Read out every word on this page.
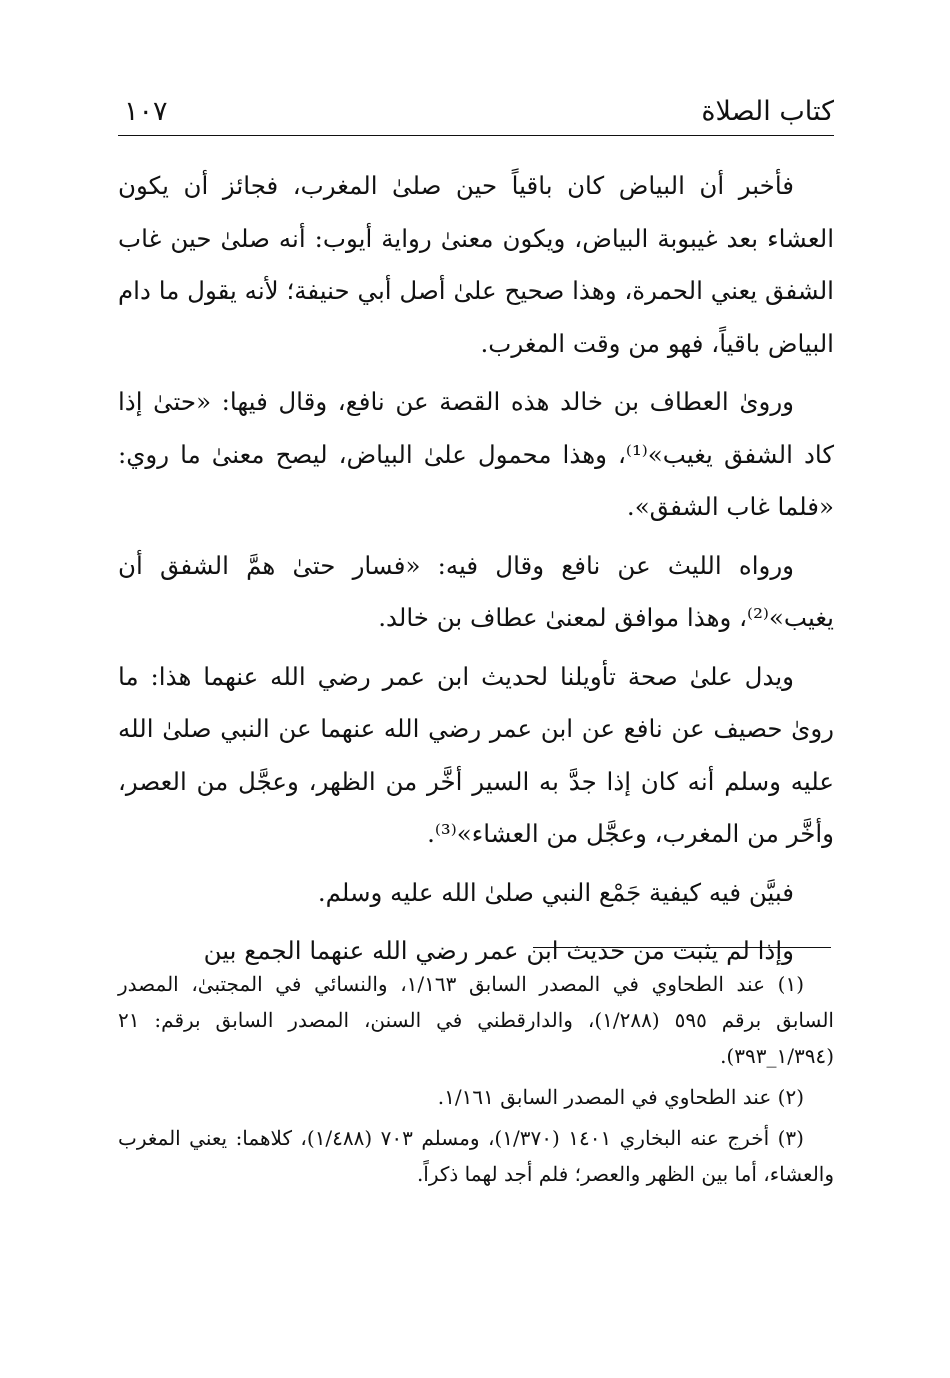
كتاب الصلاة
١٠٧

فأخبر أن البياض كان باقياً حين صلىٰ المغرب، فجائز أن يكون العشاء بعد غيبوبة البياض، ويكون معنىٰ رواية أيوب: أنه صلىٰ حين غاب الشفق يعني الحمرة، وهذا صحيح علىٰ أصل أبي حنيفة؛ لأنه يقول ما دام البياض باقياً، فهو من وقت المغرب.

وروىٰ العطاف بن خالد هذه القصة عن نافع، وقال فيها: «حتىٰ إذا كاد الشفق يغيب»⁽¹⁾، وهذا محمول علىٰ البياض، ليصح معنىٰ ما روي: «فلما غاب الشفق».

ورواه الليث عن نافع وقال فيه: «فسار حتىٰ همَّ الشفق أن يغيب»⁽²⁾، وهذا موافق لمعنىٰ عطاف بن خالد.

ويدل علىٰ صحة تأويلنا لحديث ابن عمر رضي الله عنهما هذا: ما روىٰ حصيف عن نافع عن ابن عمر رضي الله عنهما عن النبي صلىٰ الله عليه وسلم أنه كان إذا جدَّ به السير أخَّر من الظهر، وعجَّل من العصر، وأخَّر من المغرب، وعجَّل من العشاء»⁽³⁾.

فبيَّن فيه كيفية جَمْع النبي صلىٰ الله عليه وسلم.

وإذا لم يثبت من حديث ابن عمر رضي الله عنهما الجمع بين

(١) عند الطحاوي في المصدر السابق ١/١٦٣، والنسائي في المجتبىٰ، المصدر السابق برقم ٥٩٥ (١/٢٨٨)، والدارقطني في السنن، المصدر السابق برقم: ٢١ (١/٣٩٤_٣٩٣).

(٢) عند الطحاوي في المصدر السابق ١/١٦١.

(٣) أخرج عنه البخاري ١٤٠١ (١/٣٧٠)، ومسلم ٧٠٣ (١/٤٨٨)، كلاهما: يعني المغرب والعشاء، أما بين الظهر والعصر؛ فلم أجد لهما ذكراً.
